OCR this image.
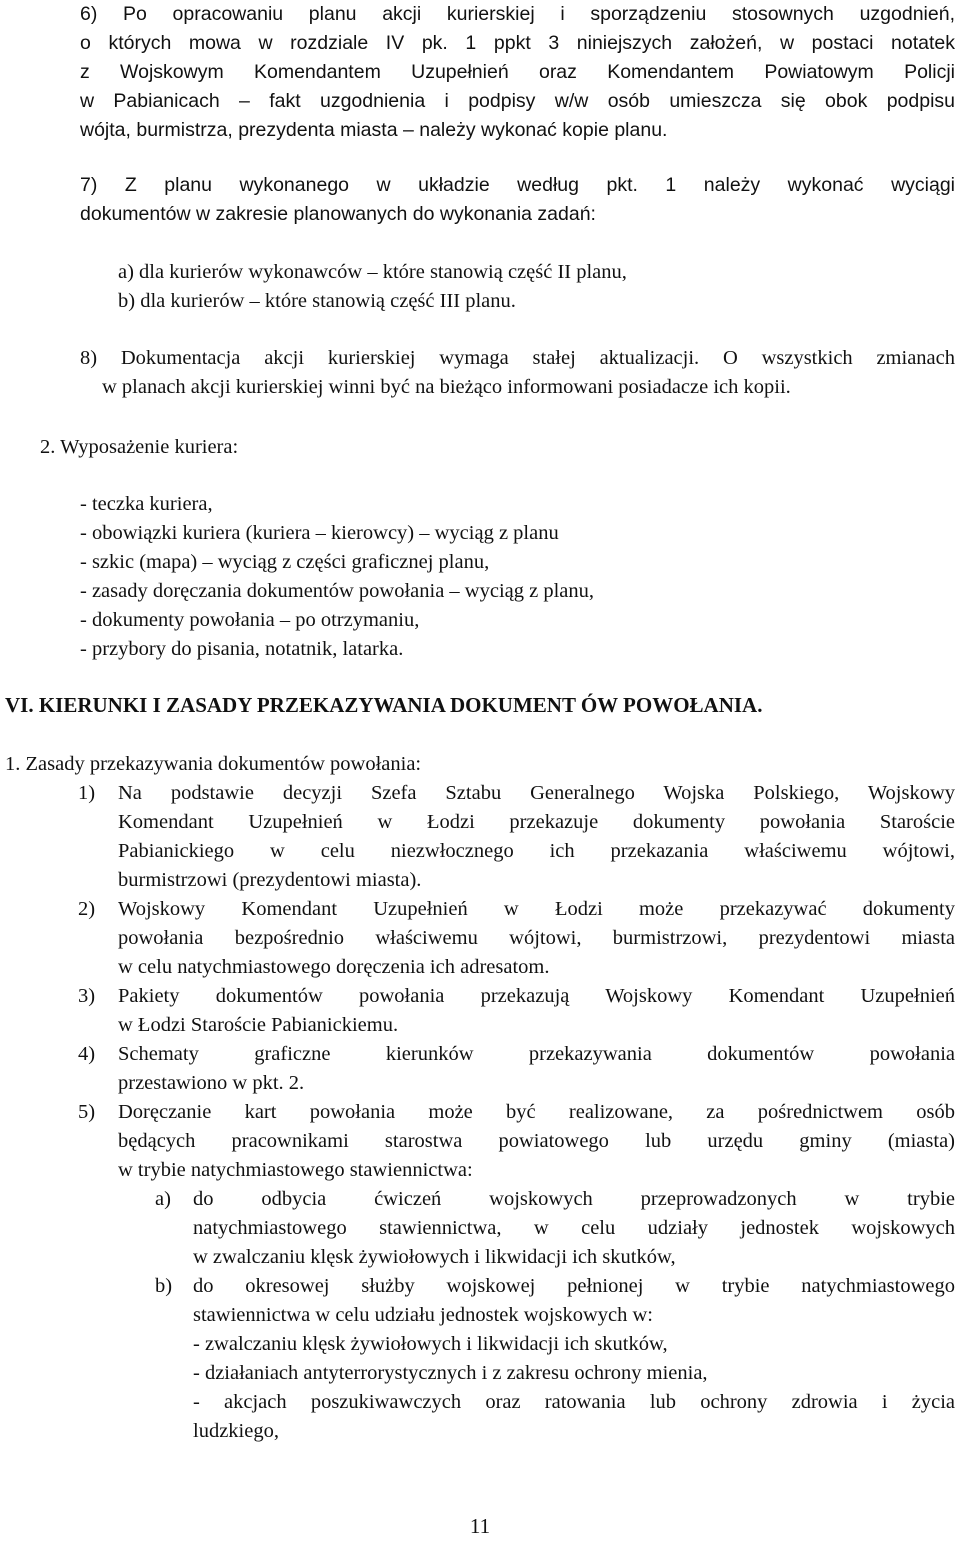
6) Po opracowaniu planu akcji kurierskiej i sporządzeniu stosownych uzgodnień,
o których mowa w rozdziale IV pk. 1 ppkt 3 niniejszych założeń, w postaci notatek
z Wojskowym Komendantem Uzupełnień oraz Komendantem Powiatowym Policji
w Pabianicach – fakt uzgodnienia i podpisy w/w osób umieszcza się obok podpisu
wójta, burmistrza, prezydenta miasta – należy wykonać kopie planu.
7) Z planu wykonanego w układzie według pkt. 1 należy wykonać wyciągi
dokumentów w zakresie planowanych do wykonania zadań:
a) dla kurierów wykonawców – które stanowią część II planu,
b) dla kurierów – które stanowią część III planu.
8) Dokumentacja akcji kurierskiej wymaga stałej aktualizacji. O wszystkich zmianach
w planach akcji kurierskiej winni być na bieżąco informowani posiadacze ich kopii.
2. Wyposażenie kuriera:
- teczka kuriera,
- obowiązki kuriera (kuriera – kierowcy) – wyciąg z planu
- szkic (mapa) – wyciąg z części graficznej planu,
- zasady doręczania dokumentów powołania – wyciąg z planu,
- dokumenty powołania – po otrzymaniu,
- przybory do pisania, notatnik, latarka.
VI. KIERUNKI I ZASADY PRZEKAZYWANIA DOKUMENT ÓW POWOŁANIA.
1. Zasady przekazywania dokumentów powołania:
1) Na podstawie decyzji Szefa Sztabu Generalnego Wojska Polskiego, Wojskowy
Komendant Uzupełnień w Łodzi przekazuje dokumenty powołania Staroście
Pabianickiego w celu niezwłocznego ich przekazania właściwemu wójtowi,
burmistrzowi (prezydentowi miasta).
2) Wojskowy Komendant Uzupełnień w Łodzi może przekazywać dokumenty
powołania bezpośrednio właściwemu wójtowi, burmistrzowi, prezydentowi miasta
w celu natychmiastowego doręczenia ich adresatom.
3) Pakiety dokumentów powołania przekazują Wojskowy Komendant Uzupełnień
w Łodzi Staroście Pabianickiemu.
4) Schematy graficzne kierunków przekazywania dokumentów powołania
przestawiono w pkt. 2.
5) Doręczanie kart powołania może być realizowane, za pośrednictwem osób
będących pracownikami starostwa powiatowego lub urzędu gminy (miasta)
w trybie natychmiastowego stawiennictwa:
a) do odbycia ćwiczeń wojskowych przeprowadzonych w trybie
natychmiastowego stawiennictwa, w celu udziały jednostek wojskowych
w zwalczaniu klęsk żywiołowych i likwidacji ich skutków,
b) do okresowej służby wojskowej pełnionej w trybie natychmiastowego
stawiennictwa w celu udziału jednostek wojskowych w:
- zwalczaniu klęsk żywiołowych i likwidacji ich skutków,
- działaniach antyterrorystycznych i z zakresu ochrony mienia,
- akcjach poszukiwawczych oraz ratowania lub ochrony zdrowia i życia
ludzkiego,
11
